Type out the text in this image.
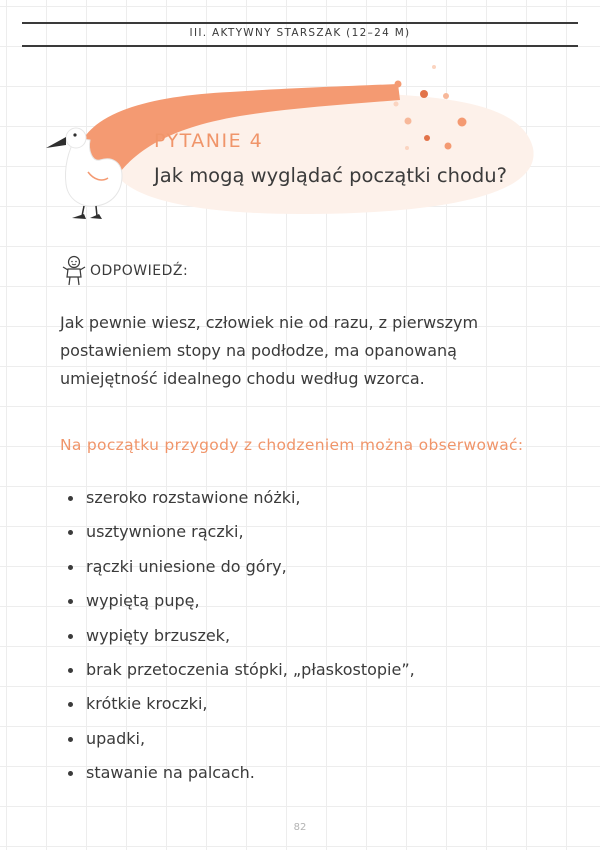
III. AKTYWNY STARSZAK (12–24 M)
PYTANIE 4
Jak mogą wyglądać początki chodu?
ODPOWIEDŹ:

Jak pewnie wiesz, człowiek nie od razu, z pierwszym postawieniem stopy na podłodze, ma opanowaną umiejętność idealnego chodu według wzorca.

Na początku przygody z chodzeniem można obserwować:
szeroko rozstawione nóżki,
usztywnione rączki,
rączki uniesione do góry,
wypiętą pupę,
wypięty brzuszek,
brak przetoczenia stópki, „płaskostopie”,
krótkie kroczki,
upadki,
stawanie na palcach.
82
